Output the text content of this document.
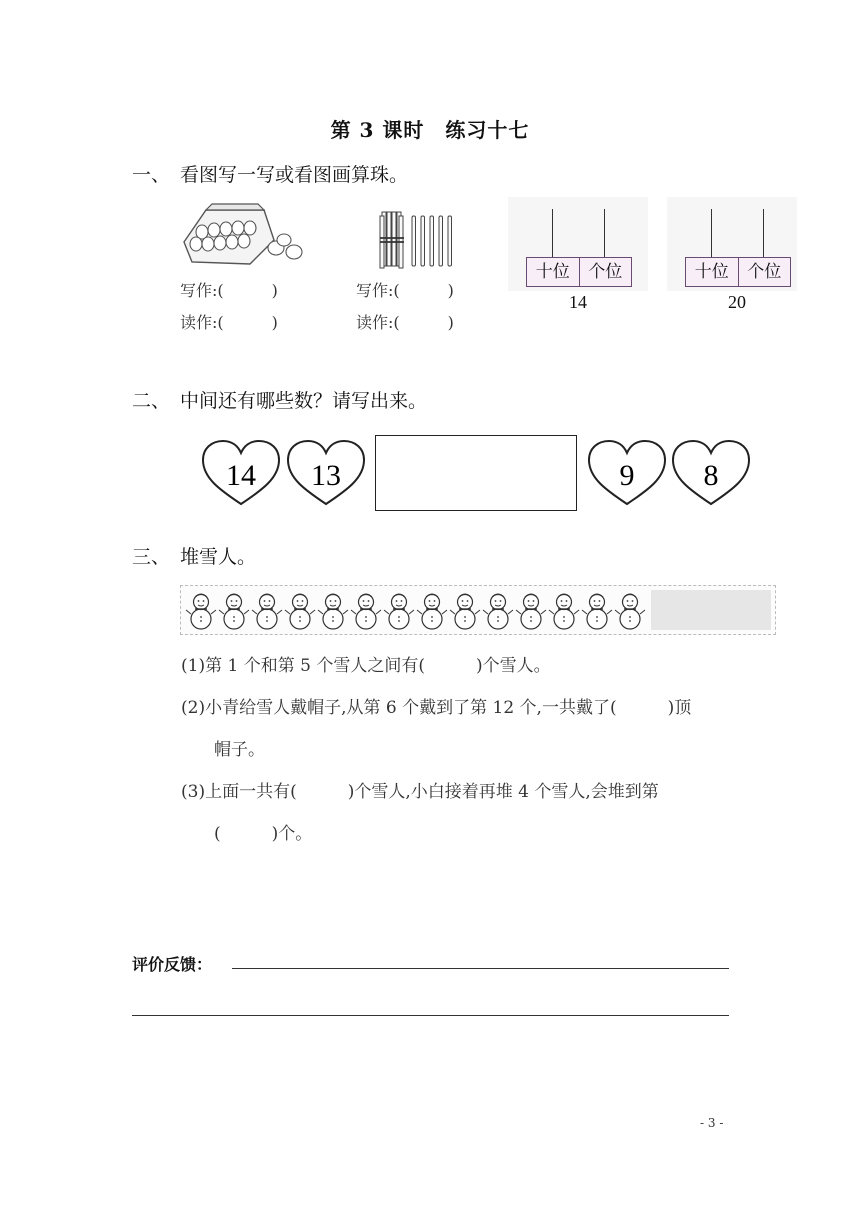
第 3 课时　练习十七
一、 看图写一写或看图画算珠。
写作:(　　　)
读作:(　　　)
写作:(　　　)
读作:(　　　)
十位	个位
14
十位	个位
20
二、 中间还有哪些数？请写出来。
14 13	9 8
三、 堆雪人。
(1)第 1 个和第 5 个雪人之间有(　　　)个雪人。
(2)小青给雪人戴帽子,从第 6 个戴到了第 12 个,一共戴了(　　　)顶
帽子。
(3)上面一共有(　　　)个雪人,小白接着再堆 4 个雪人,会堆到第
(　　　)个。
评价反馈：
- 3 -
